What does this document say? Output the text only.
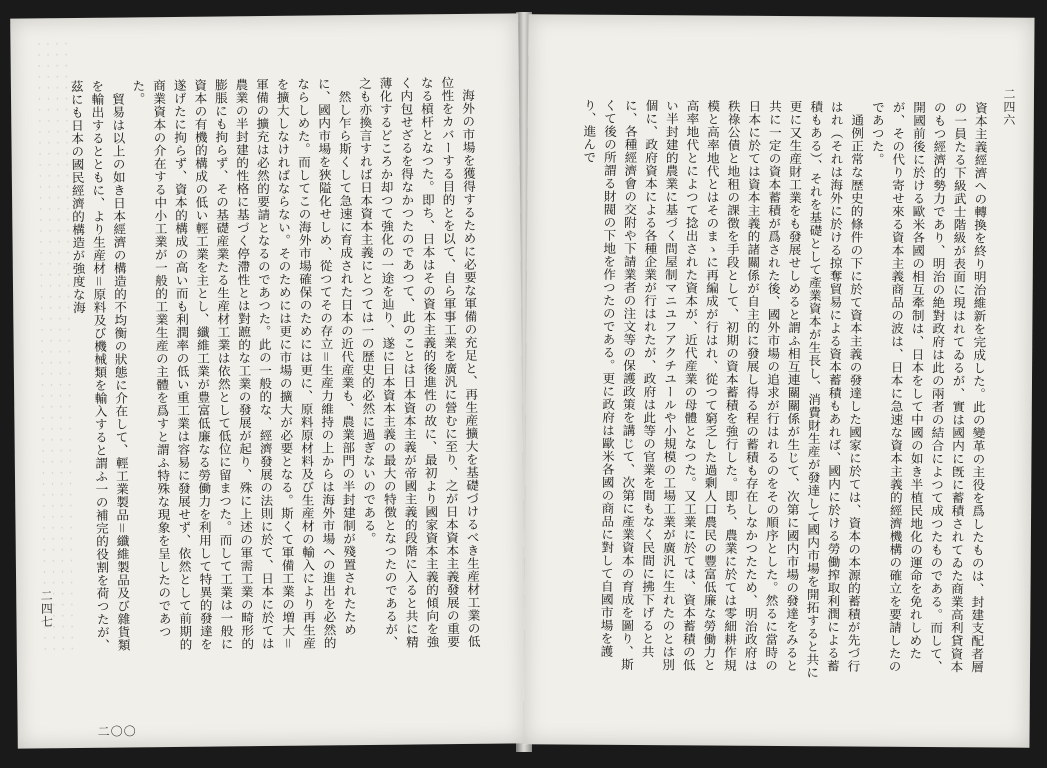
海外の市場を獲得するために必要な軍備の充足と、再生産擴大を基礎づけるべき生産材工業の低位性をカバーする目的とを以て、自ら軍事工業を廣汎に營むに至り、之が日本資本主義發展の重要なる槓杆となつた。即ち、日本はその資本主義的後進性の故に、最初より國家資本主義的傾向を強く内包せざるを得なかつたのであつて、此のことは日本資本主義が帝國主義的段階に入ると共に精薄化するどころか却つて強化の一途を辿り、遂に日本資本主義の最大の特徴となつたのであるが、之も亦換言すれば日本資本主義にとつては一の歴史的必然に過ぎないのである。

然し乍ら斯くして急速に育成された日本の近代産業も、農業部門の半封建制が殘置されたために、國内市場を狹隘化せしめ、從つてその存立＝生産力維持の上からは海外市場への進出を必然的ならしめた。而してこの海外市場確保のためには更に、原料原材料及び生産材の輸入により再生産を擴大しなければならない。そのためには更に市場の擴大が必要となる。斯くて軍備工業の増大＝軍備の擴充は必然的要請となるのであつた。此の一般的な、經濟發展の法則に於て、日本に於ては農業の半封建的性格に基づく停滯性とは對蹠的な工業の發展が起り、殊に上述の軍需工業の畸形的膨脹にも拘らず、その基礎産業たる生産材工業は依然として低位に留まつた。而して工業は一般に資本の有機的構成の低い輕工業を主とし、纖維工業が豊富低廉なる勞働力を利用して特異的發達を遂げたに拘らず、資本的構成の高い而も利潤率の低い重工業は容易に發展せず、依然として前期的商業資本の介在する中小工業が一般的工業生産の主體を爲すと謂ふ特殊な現象を呈したのであつた。

貿易は以上の如き日本經濟の構造的不均衡の狀態に介在して、輕工業製品＝纖維製品及び雜貨類を輸出するとともに、より生産材＝原料及び機械類を輸入すると謂ふ一の補完的役割を荷つたが、茲にも日本の國民經濟的構造が強度な海

二四七
二〇〇

資本主義經濟への轉換を終り明治維新を完成した。此の變革の主役を爲したものは、封建支配者層の一員たる下級武士階級が表面に現はれてゐるが、實は國内に旣に蓄積されてゐた商業高利貸資本のもつ經濟的勢力であり、明治の絶對政府は此の兩者の結合によつて成つたものである。而して、開國前後に於ける歐米各國の相互牽制は、日本をして中國の如き半植民地化の運命を免れしめたが、その代り寄せ來る資本主義商品の波は、日本に急速な資本主義的經濟機構の確立を要請したのであつた。

通例正常な歴史的條件の下に於て資本主義の發達した國家に於ては、資本の本源的蓄積が先づ行はれ（それは海外に於ける掠奪貿易による資本蓄積もあれば、國内に於ける勞働搾取利潤による蓄積もある）、それを基礎として產業資本が生長し、消費財生産が發達して國内市場を開拓すると共に更に又生産財工業をも發展せしめると謂ふ相互連關關係が生じて、次第に國内市場の發達をみると共に一定の資本蓄積が爲された後、國外市場の追求が行はれるのをその順序とした。然るに當時の日本に於ては資本主義的諸關係が自主的に發展し得る程の蓄積も存在しなかつたため、明治政府は秩祿公債と地租の課徴を手段として、初期の資本蓄積を強行した。即ち、農業に於ては零細耕作規模と高率地代とはそのまゝに再編成が行はれ、從つて窮乏した過剰人口農民の豐富低廉な勞働力と高率地代とによつて捻出された資本が、近代産業の母體となつた。又工業に於ては、資本蓄積の低い半封建的農業に基づく問屋制マニユフアクチユールや小規模の工場工業が廣汎に生れたのとは別個に、政府資本による各種企業が行はれたが、政府は此等の官業を間もなく民間に拂下げると共に、各種經濟會の交附や下請業者の注文等の保護政策を講じて、次第に產業資本の育成を圖り、斯くて後の所謂る財閥の下地を作つたのである。更に政府は歐米各國の商品に對して自國市場を護り、進んで	二四六
